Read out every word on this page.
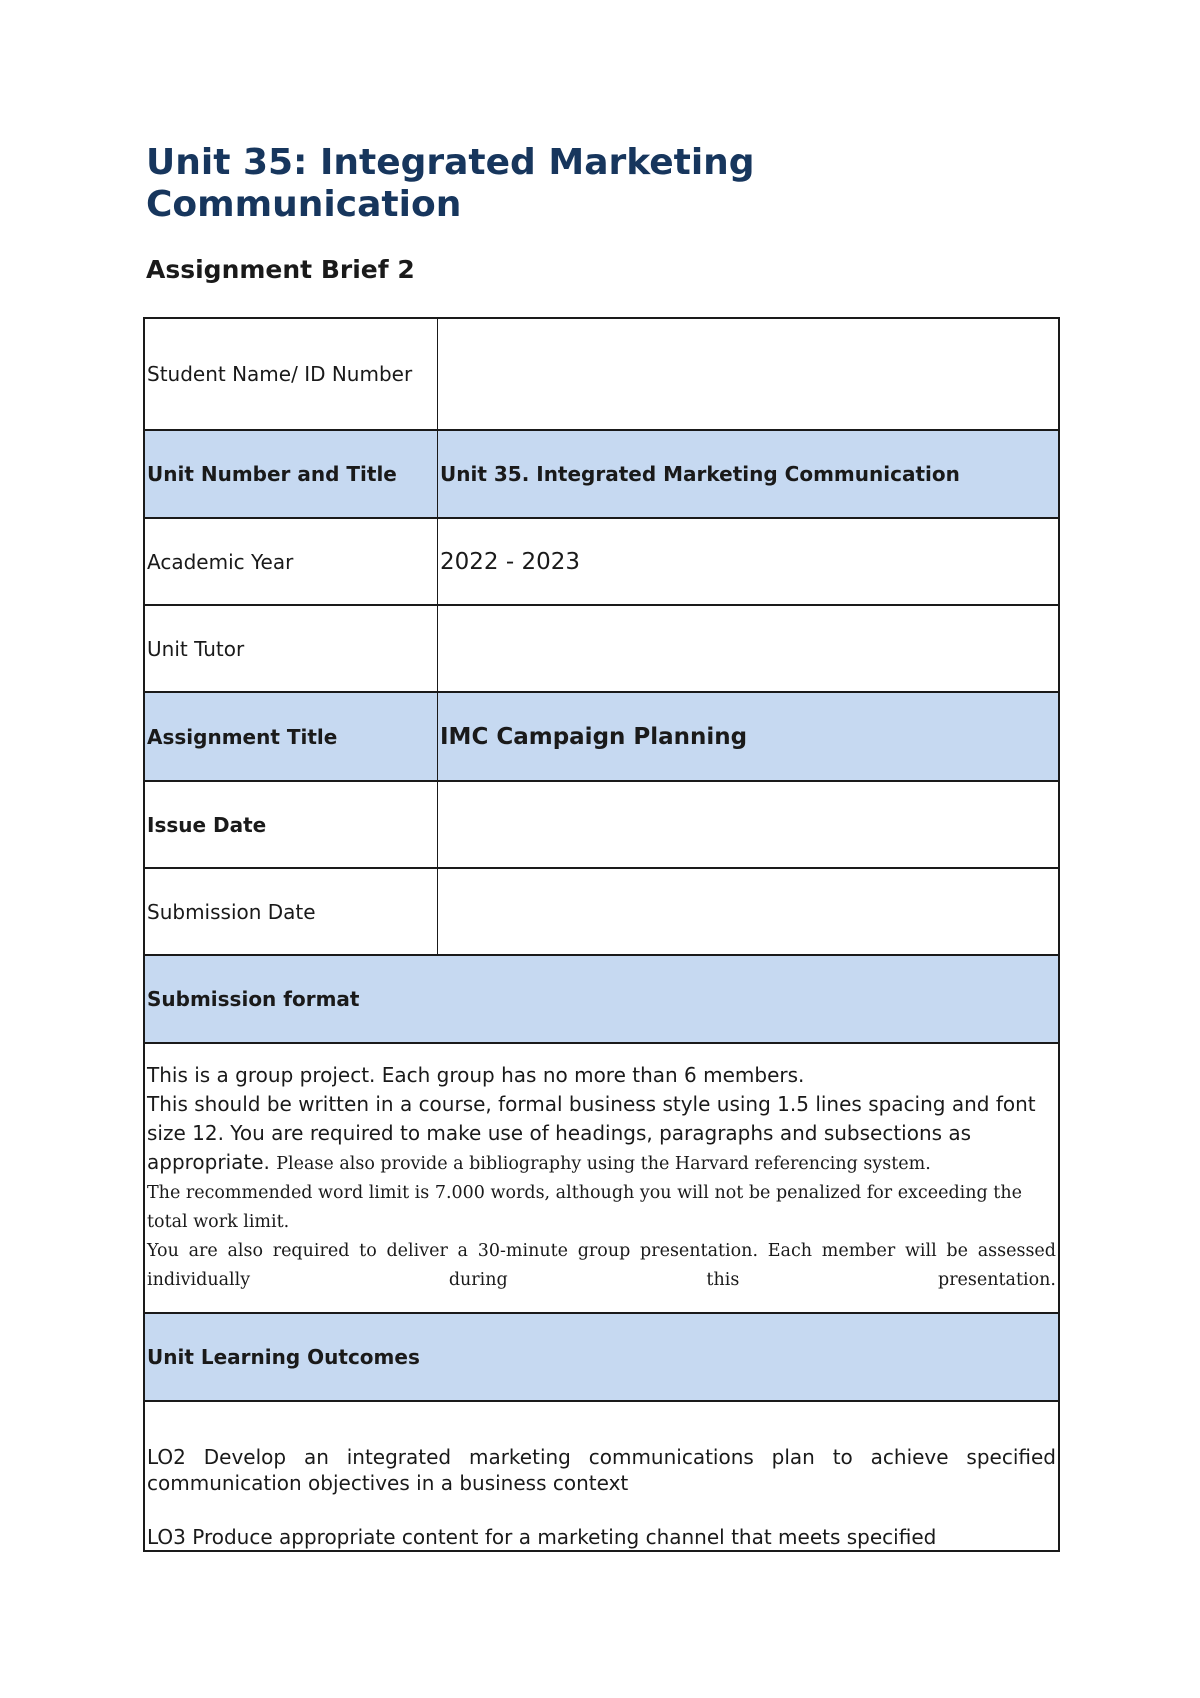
Unit 35: Integrated Marketing Communication
Assignment Brief 2
Student Name/ ID Number	
Unit Number and Title	Unit 35. Integrated Marketing Communication
Academic Year	2022 - 2023
Unit Tutor	
Assignment Title	IMC Campaign Planning
Issue Date	
Submission Date	
Submission format	

This is a group project. Each group has no more than 6 members.
This should be written in a course, formal business style using 1.5 lines spacing and font size 12. You are required to make use of headings, paragraphs and subsections as appropriate. Please also provide a bibliography using the Harvard referencing system.
The recommended word limit is 7.000 words, although you will not be penalized for exceeding the total work limit.
You are also required to deliver a 30-minute group presentation. Each member will be assessed individually during this presentation.	

Unit Learning Outcomes	

LO2 Develop an integrated marketing communications plan to achieve specified communication objectives in a business context
LO3 Produce appropriate content for a marketing channel that meets specified	
